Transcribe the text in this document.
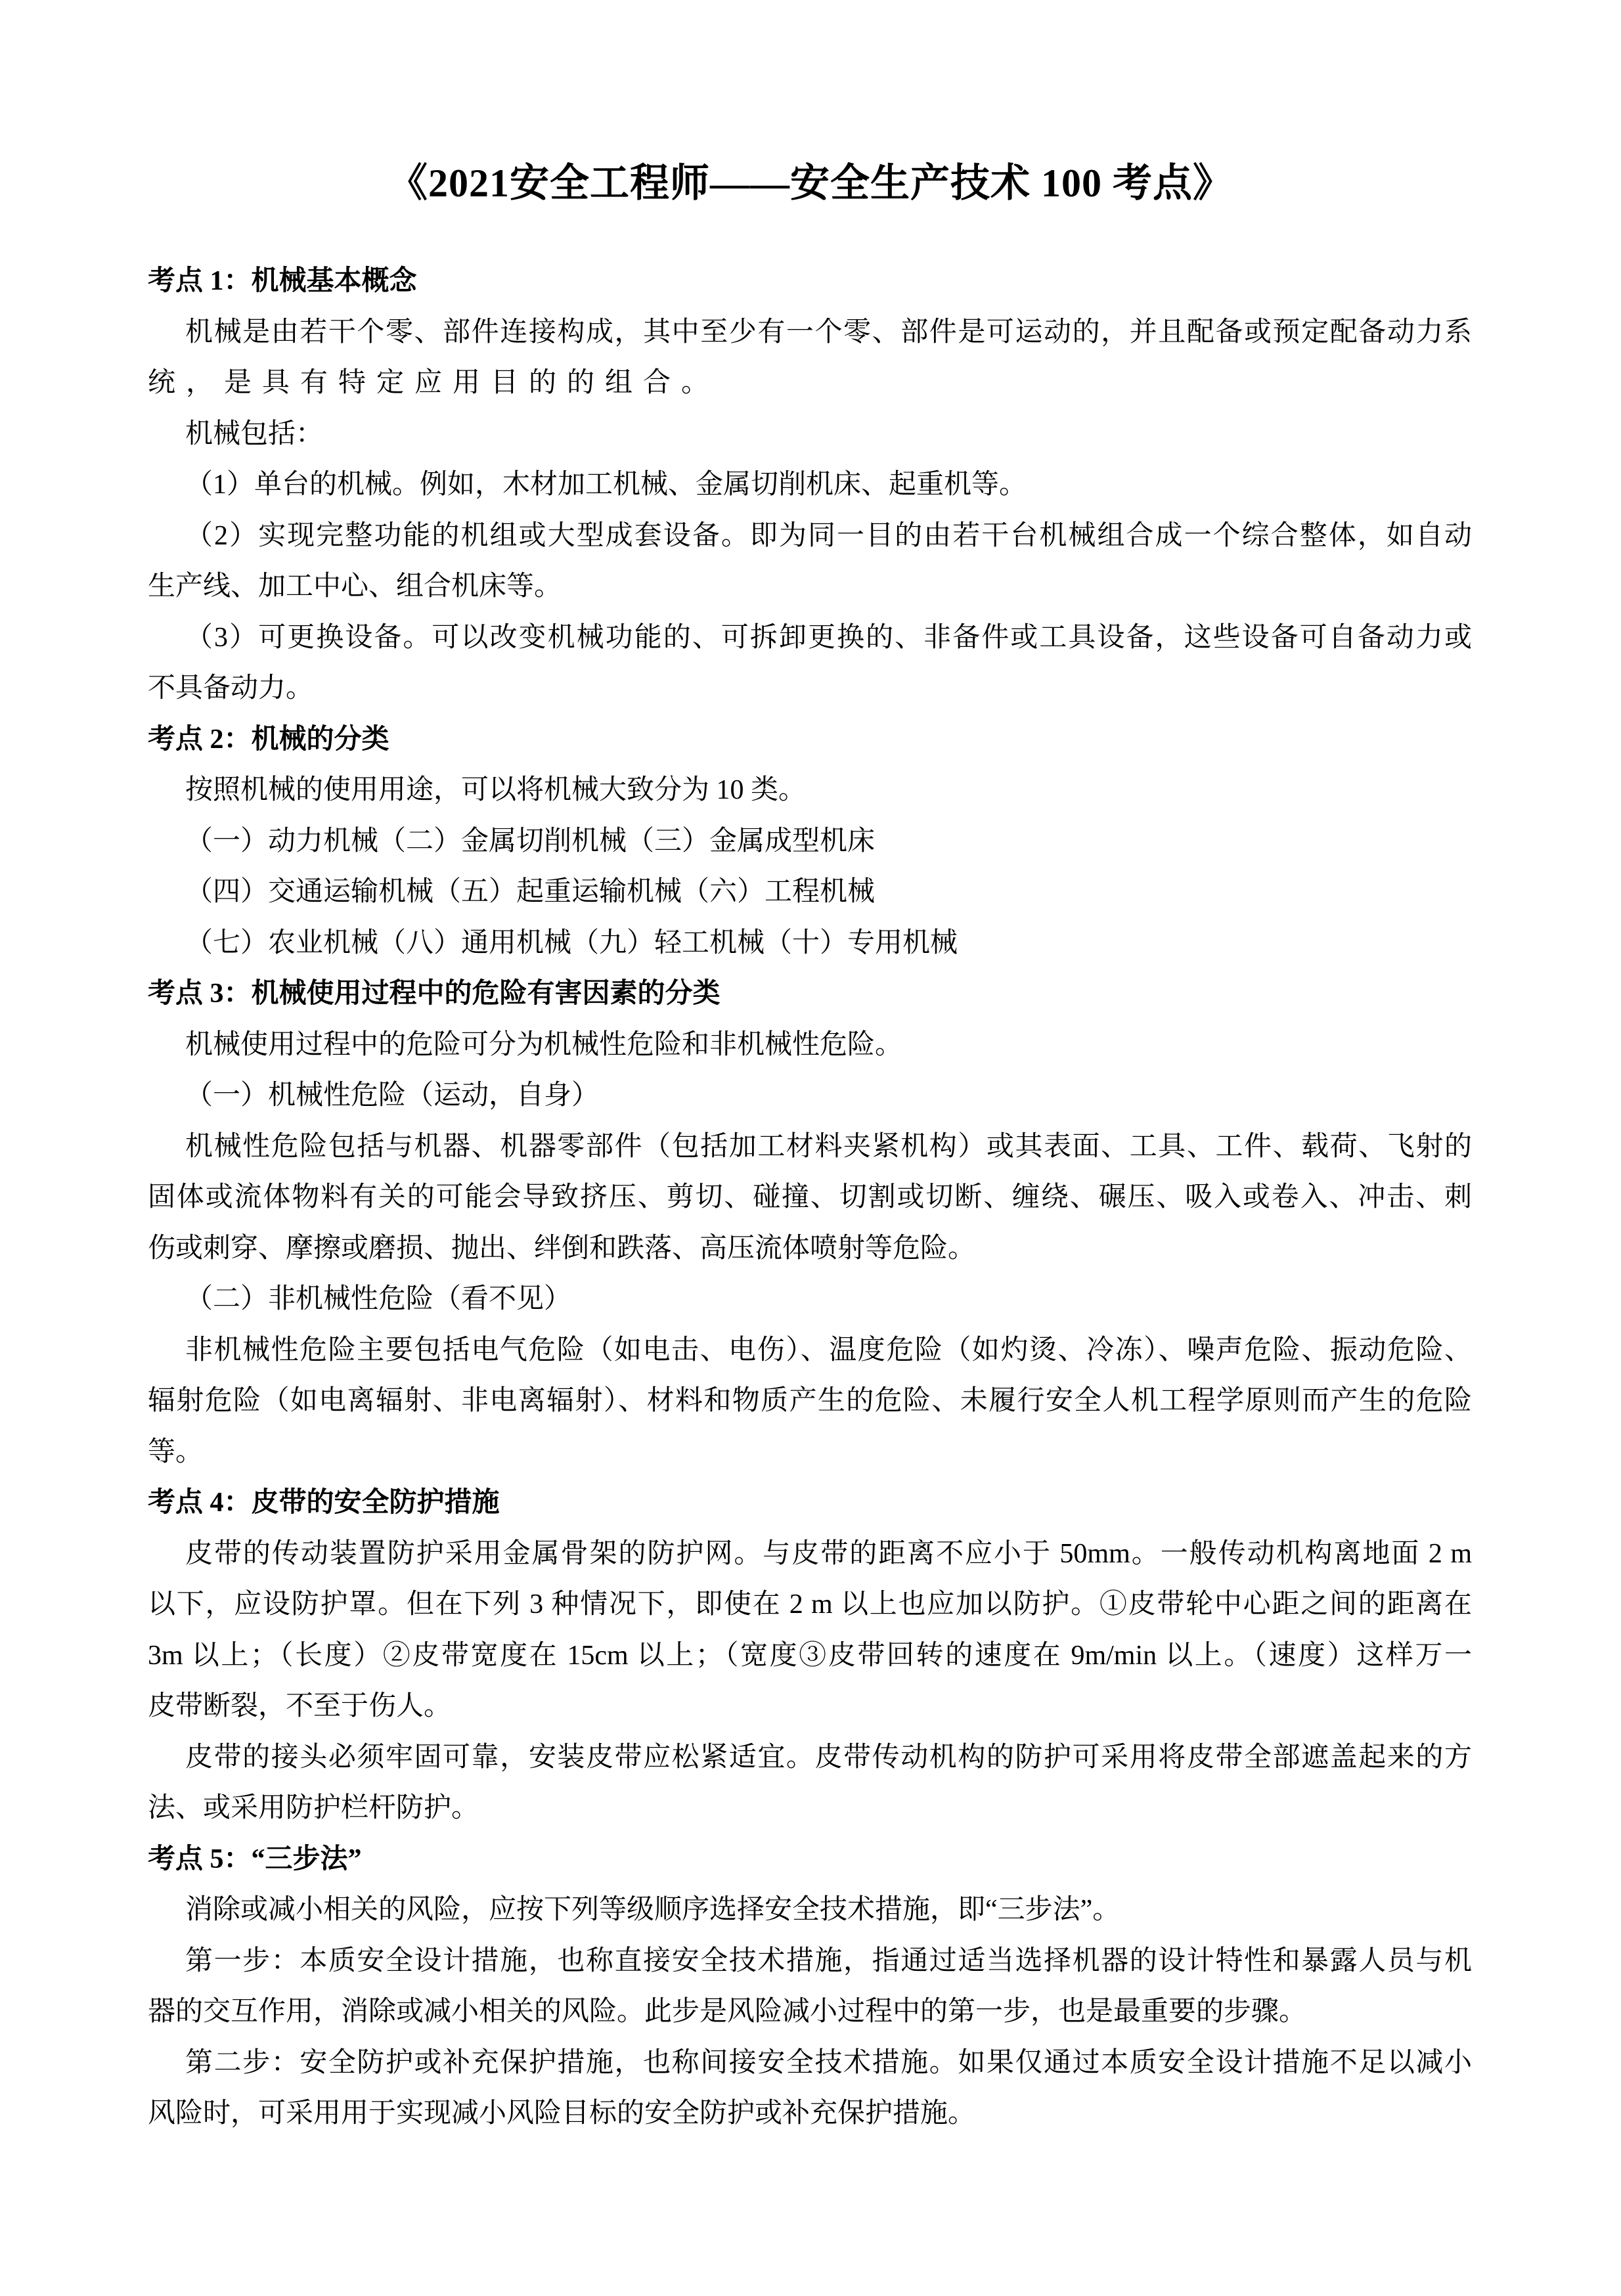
《2021安全工程师——安全生产技术 100 考点》
考点 1：机械基本概念
机械是由若干个零、部件连接构成，其中至少有一个零、部件是可运动的，并且配备或预定配备动力系
统，是具有特定应用目的的组合。
机械包括：
（1）单台的机械。例如，木材加工机械、金属切削机床、起重机等。
（2）实现完整功能的机组或大型成套设备。即为同一目的由若干台机械组合成一个综合整体，如自动
生产线、加工中心、组合机床等。
（3）可更换设备。可以改变机械功能的、可拆卸更换的、非备件或工具设备，这些设备可自备动力或
不具备动力。
考点 2：机械的分类
按照机械的使用用途，可以将机械大致分为 10 类。
（一）动力机械（二）金属切削机械（三）金属成型机床
（四）交通运输机械（五）起重运输机械（六）工程机械
（七）农业机械（八）通用机械（九）轻工机械（十）专用机械
考点 3：机械使用过程中的危险有害因素的分类
机械使用过程中的危险可分为机械性危险和非机械性危险。
（一）机械性危险（运动，自身）
机械性危险包括与机器、机器零部件（包括加工材料夹紧机构）或其表面、工具、工件、载荷、飞射的
固体或流体物料有关的可能会导致挤压、剪切、碰撞、切割或切断、缠绕、碾压、吸入或卷入、冲击、刺
伤或刺穿、摩擦或磨损、抛出、绊倒和跌落、高压流体喷射等危险。
（二）非机械性危险（看不见）
非机械性危险主要包括电气危险（如电击、电伤）、温度危险（如灼烫、冷冻）、噪声危险、振动危险、
辐射危险（如电离辐射、非电离辐射）、材料和物质产生的危险、未履行安全人机工程学原则而产生的危险
等。
考点 4：皮带的安全防护措施
皮带的传动装置防护采用金属骨架的防护网。与皮带的距离不应小于 50mm。一般传动机构离地面 2 m
以下，应设防护罩。但在下列 3 种情况下，即使在 2 m 以上也应加以防护。①皮带轮中心距之间的距离在
3m 以上；（长度）②皮带宽度在 15cm 以上；（宽度③皮带回转的速度在 9m/min 以上。（速度）这样万一
皮带断裂，不至于伤人。
皮带的接头必须牢固可靠，安装皮带应松紧适宜。皮带传动机构的防护可采用将皮带全部遮盖起来的方
法、或采用防护栏杆防护。
考点 5：“三步法”
消除或减小相关的风险，应按下列等级顺序选择安全技术措施，即“三步法”。
第一步：本质安全设计措施，也称直接安全技术措施，指通过适当选择机器的设计特性和暴露人员与机
器的交互作用，消除或减小相关的风险。此步是风险减小过程中的第一步，也是最重要的步骤。
第二步：安全防护或补充保护措施，也称间接安全技术措施。如果仅通过本质安全设计措施不足以减小
风险时，可采用用于实现减小风险目标的安全防护或补充保护措施。
